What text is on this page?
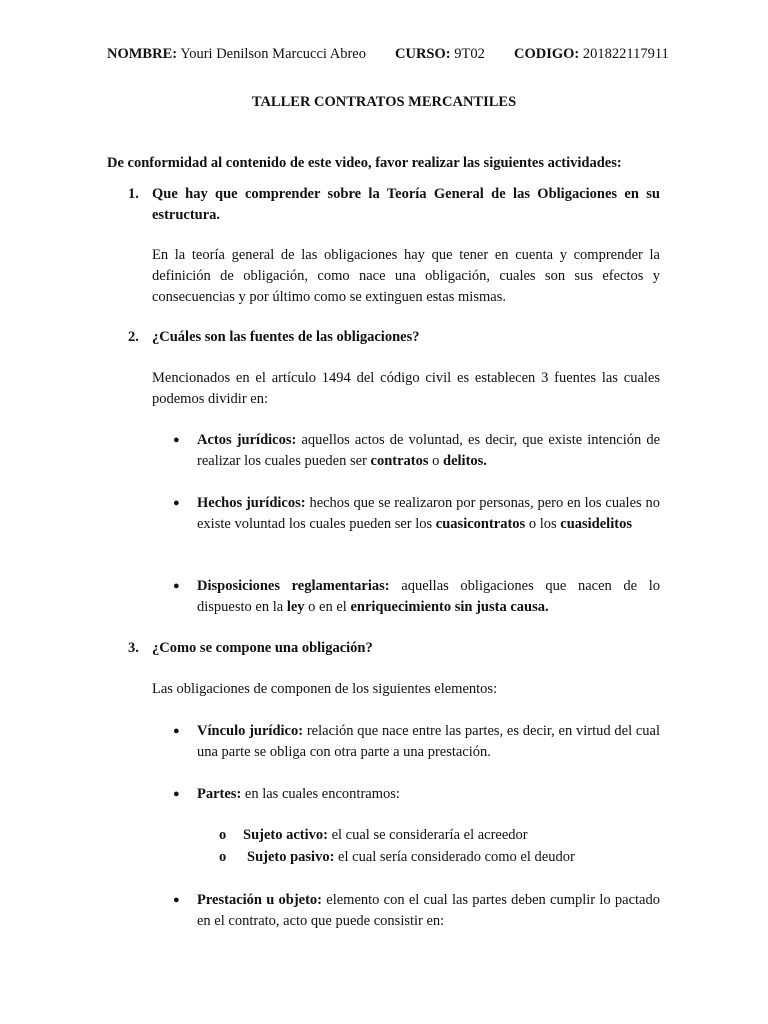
NOMBRE: Youri Denilson Marcucci Abreo CURSO: 9T02 CODIGO: 201822117911
TALLER CONTRATOS MERCANTILES
De conformidad al contenido de este video, favor realizar las siguientes actividades:
1. Que hay que comprender sobre la Teoría General de las Obligaciones en su estructura.
En la teoría general de las obligaciones hay que tener en cuenta y comprender la definición de obligación, como nace una obligación, cuales son sus efectos y consecuencias y por último como se extinguen estas mismas.
2. ¿Cuáles son las fuentes de las obligaciones?
Mencionados en el artículo 1494 del código civil es establecen 3 fuentes las cuales podemos dividir en:
● Actos jurídicos: aquellos actos de voluntad, es decir, que existe intención de realizar los cuales pueden ser contratos o delitos.
● Hechos jurídicos: hechos que se realizaron por personas, pero en los cuales no existe voluntad los cuales pueden ser los cuasicontratos o los cuasidelitos
● Disposiciones reglamentarias: aquellas obligaciones que nacen de lo dispuesto en la ley o en el enriquecimiento sin justa causa.
3. ¿Como se compone una obligación?
Las obligaciones de componen de los siguientes elementos:
● Vínculo jurídico: relación que nace entre las partes, es decir, en virtud del cual una parte se obliga con otra parte a una prestación.
● Partes: en las cuales encontramos:
o Sujeto activo: el cual se consideraría el acreedor
o Sujeto pasivo: el cual sería considerado como el deudor
● Prestación u objeto: elemento con el cual las partes deben cumplir lo pactado en el contrato, acto que puede consistir en:
